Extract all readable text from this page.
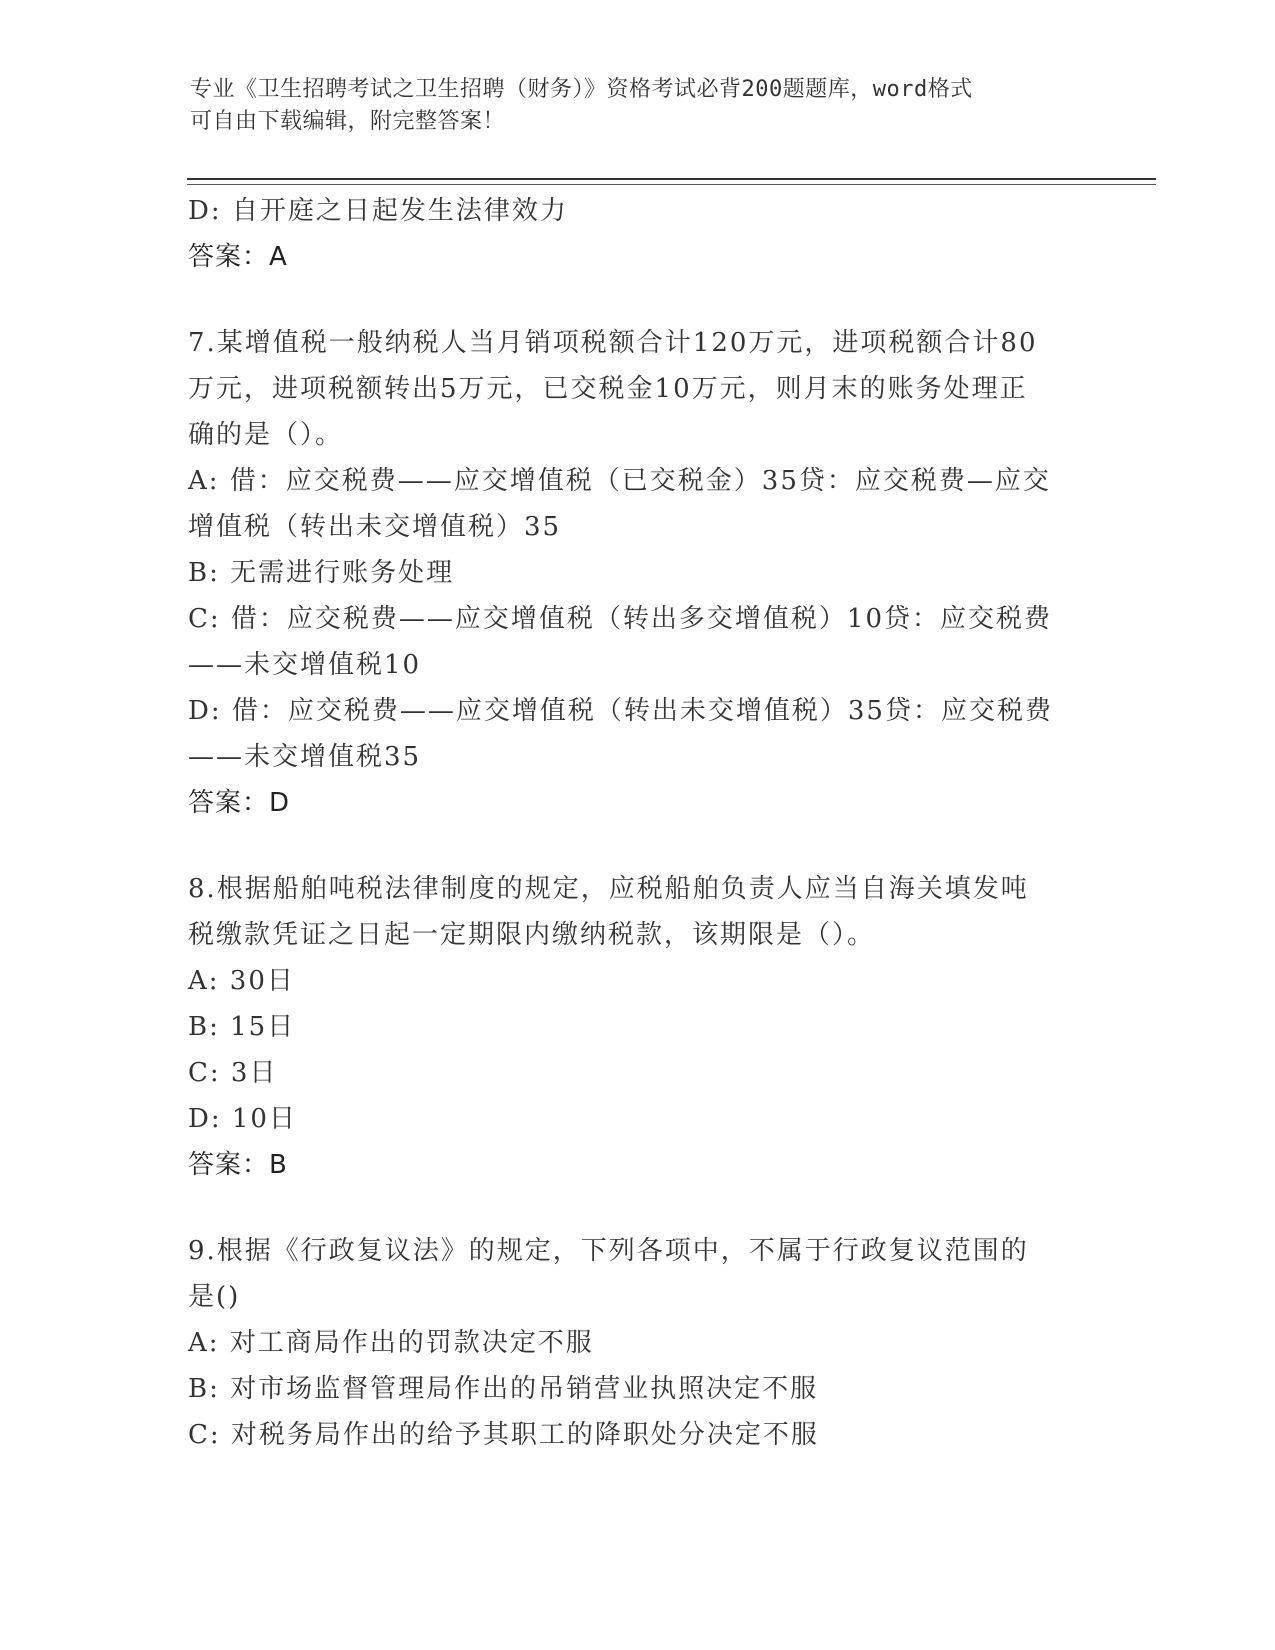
专业《卫生招聘考试之卫生招聘（财务）》资格考试必背200题题库，word格式
可自由下载编辑，附完整答案！
D: 自开庭之日起发生法律效力
答案：A
7.某增值税一般纳税人当月销项税额合计120万元，进项税额合计80
万元，进项税额转出5万元，已交税金10万元，则月末的账务处理正
确的是（）。
A: 借：应交税费——应交增值税（已交税金）35贷：应交税费—应交
增值税（转出未交增值税）35
B: 无需进行账务处理
C: 借：应交税费——应交增值税（转出多交增值税）10贷：应交税费
——未交增值税10
D: 借：应交税费——应交增值税（转出未交增值税）35贷：应交税费
——未交增值税35
答案：D
8.根据船舶吨税法律制度的规定，应税船舶负责人应当自海关填发吨
税缴款凭证之日起一定期限内缴纳税款，该期限是（）。
A: 30日
B: 15日
C: 3日
D: 10日
答案：B
9.根据《行政复议法》的规定，下列各项中，不属于行政复议范围的
是()
A: 对工商局作出的罚款决定不服
B: 对市场监督管理局作出的吊销营业执照决定不服
C: 对税务局作出的给予其职工的降职处分决定不服
